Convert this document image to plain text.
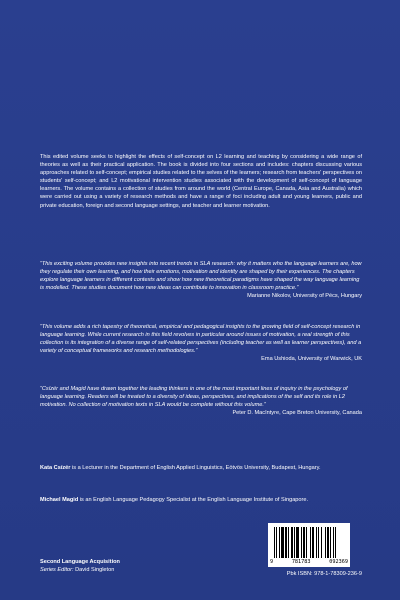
This edited volume seeks to highlight the effects of self-concept on L2 learning and teaching by considering a wide range of theories as well as their practical application. The book is divided into four sections and includes: chapters discussing various approaches related to self-concept; empirical studies related to the selves of the learners; research from teachers' perspectives on students' self-concept; and L2 motivational intervention studies associated with the development of self-concept of language learners. The volume contains a collection of studies from around the world (Central Europe, Canada, Asia and Australia) which were carried out using a variety of research methods and have a range of foci including adult and young learners, public and private education, foreign and second language settings, and teacher and learner motivation.

“This exciting volume provides new insights into recent trends in SLA research: why it matters who the language learners are, how they regulate their own learning, and how their emotions, motivation and identity are shaped by their experiences. The chapters explore language learners in different contexts and show how new theoretical paradigms have shaped the way language learning is modelled. These studies document how new ideas can contribute to innovation in classroom practice.”

Marianne Nikolov, University of Pécs, Hungary

“This volume adds a rich tapestry of theoretical, empirical and pedagogical insights to the growing field of self-concept research in language learning. While current research in this field revolves in particular around issues of motivation, a real strength of this collection is its integration of a diverse range of self-related perspectives (including teacher as well as learner perspectives), and a variety of conceptual frameworks and research methodologies.”

Ema Ushioda, University of Warwick, UK

“Csízér and Magid have drawn together the leading thinkers in one of the most important lines of inquiry in the psychology of language learning. Readers will be treated to a diversity of ideas, perspectives, and implications of the self and its role in L2 motivation. No collection of motivation texts in SLA would be complete without this volume.”

Peter D. MacIntyre, Cape Breton University, Canada

Kata Csízér is a Lecturer in the Department of English Applied Linguistics, Eötvös University, Budapest, Hungary.

Michael Magid is an English Language Pedagogy Specialist at the English Language Institute of Singapore.

Second Language Acquisition
Series Editor: David Singleton
9	781783	092369
Pbk ISBN: 978-1-78309-236-9
